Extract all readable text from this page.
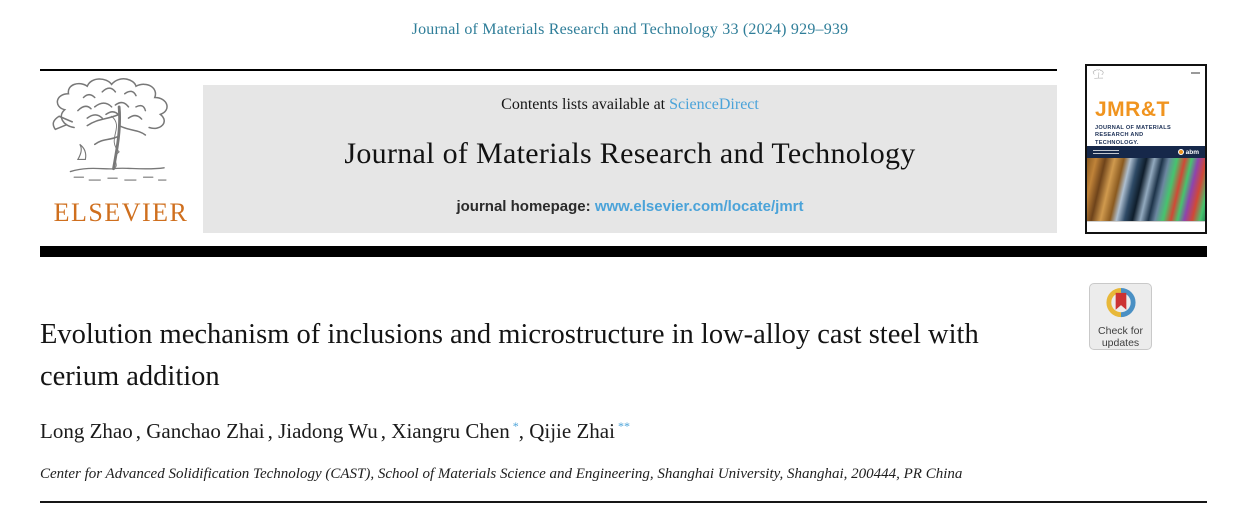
Journal of Materials Research and Technology 33 (2024) 929–939
ELSEVIER
Contents lists available at ScienceDirect
Journal of Materials Research and Technology
journal homepage: www.elsevier.com/locate/jmrt
JMR&T
JOURNAL OF MATERIALS RESEARCH AND TECHNOLOGY.
abm
Evolution mechanism of inclusions and microstructure in low-alloy cast steel with cerium addition
Check for
updates
Long Zhao , Ganchao Zhai , Jiadong Wu , Xiangru Chen *, Qijie Zhai **
Center for Advanced Solidification Technology (CAST), School of Materials Science and Engineering, Shanghai University, Shanghai, 200444, PR China
